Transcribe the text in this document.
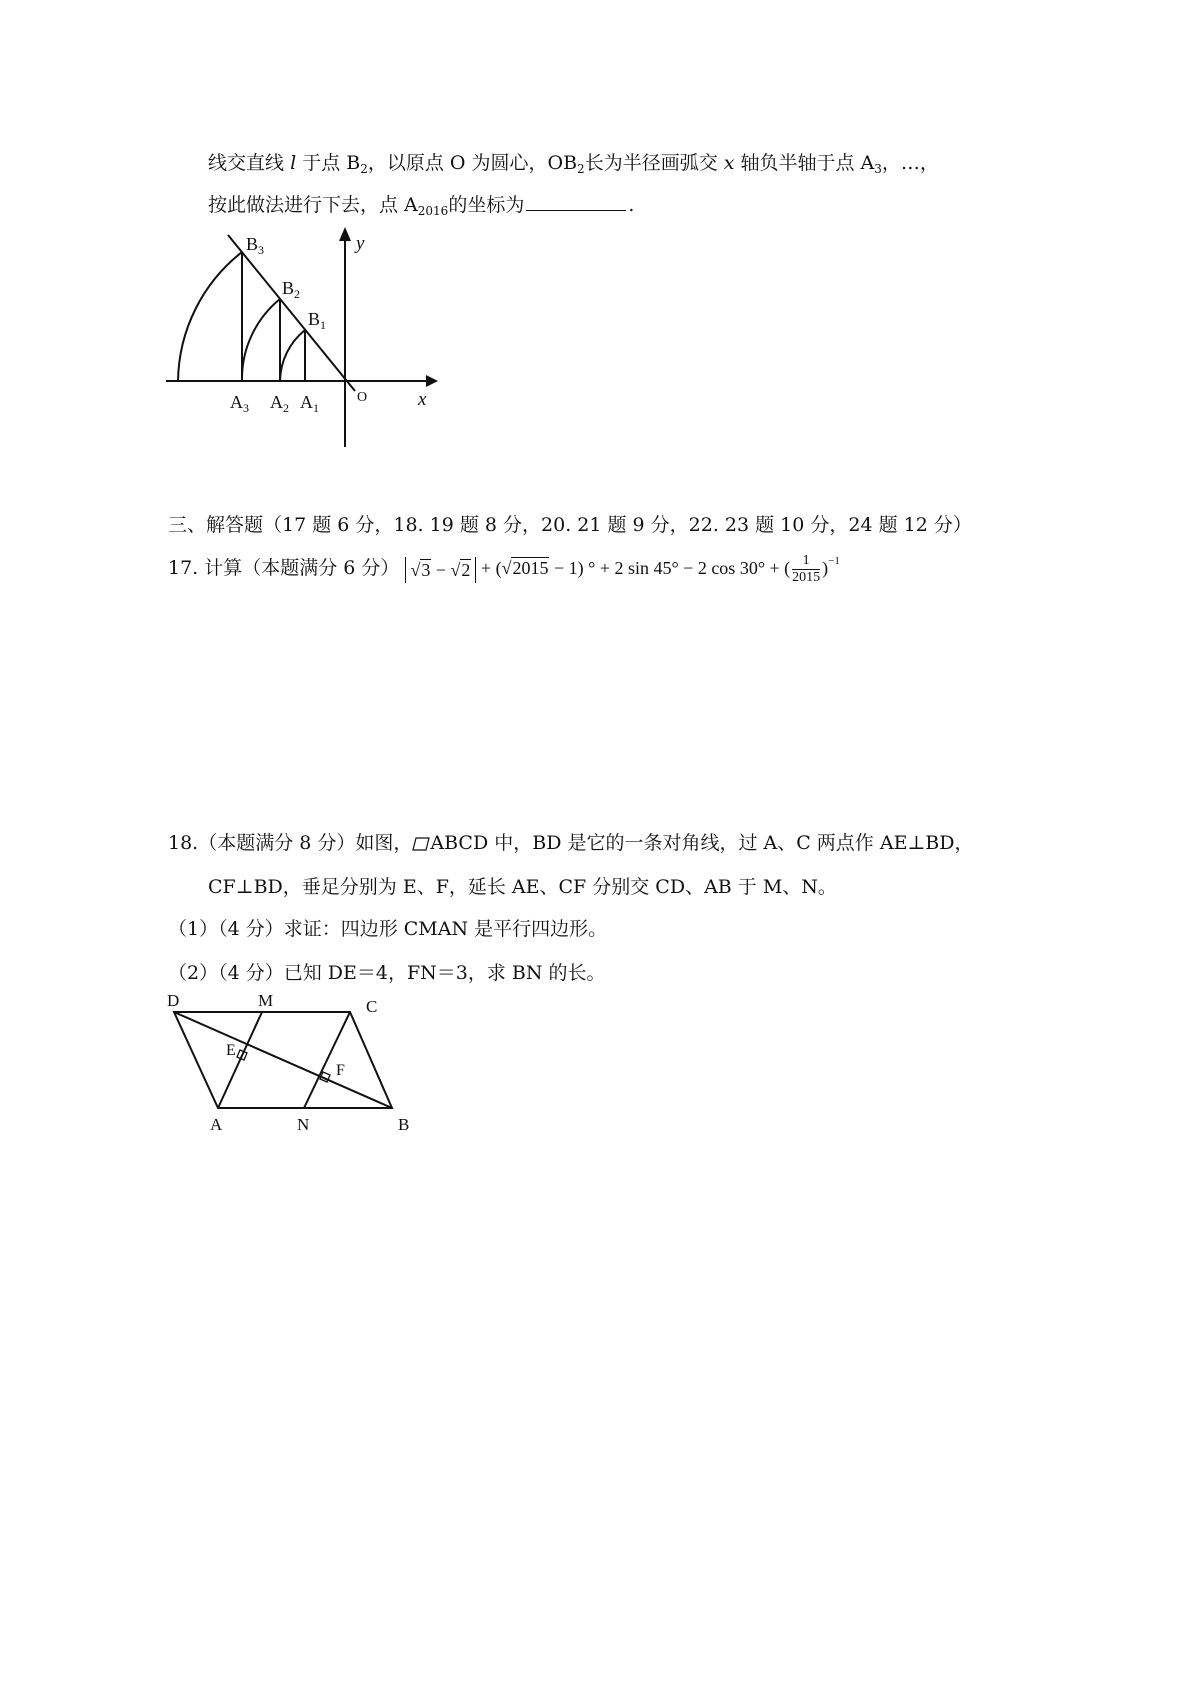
线交直线 l 于点 $B_2$，以原点 O 为圆心，$OB_2$长为半径画弧交 x 轴负半轴于点 $A_3$，…，
按此做法进行下去，点 $A_{2016}$的坐标为	.
$B_3$
$B_2$
$B_1$
$A_3$ $A_2$ $A_1$
O	x
y
三、解答题（17 题 6 分，18. 19 题 8 分，20. 21 题 9 分，22. 23 题 10 分，24 题 12 分）
17. 计算（本题满分 6 分） √3 − √2 + (√2015 − 1) ° + 2 sin 45° − 2 cos 30° + ( $\frac{1}{2015} )^{-1}$
18.（本题满分 8 分）如图， ABCD 中，BD 是它的一条对角线，过 A、C 两点作 AE⊥BD，
CF⊥BD，垂足分别为 E、F，延长 AE、CF 分别交 CD、AB 于 M、N。
（1）（4 分）求证：四边形 CMAN 是平行四边形。
（2）（4 分）已知 DE＝4，FN＝3，求 BN 的长。
D	M	C
E
F
A	N	B
